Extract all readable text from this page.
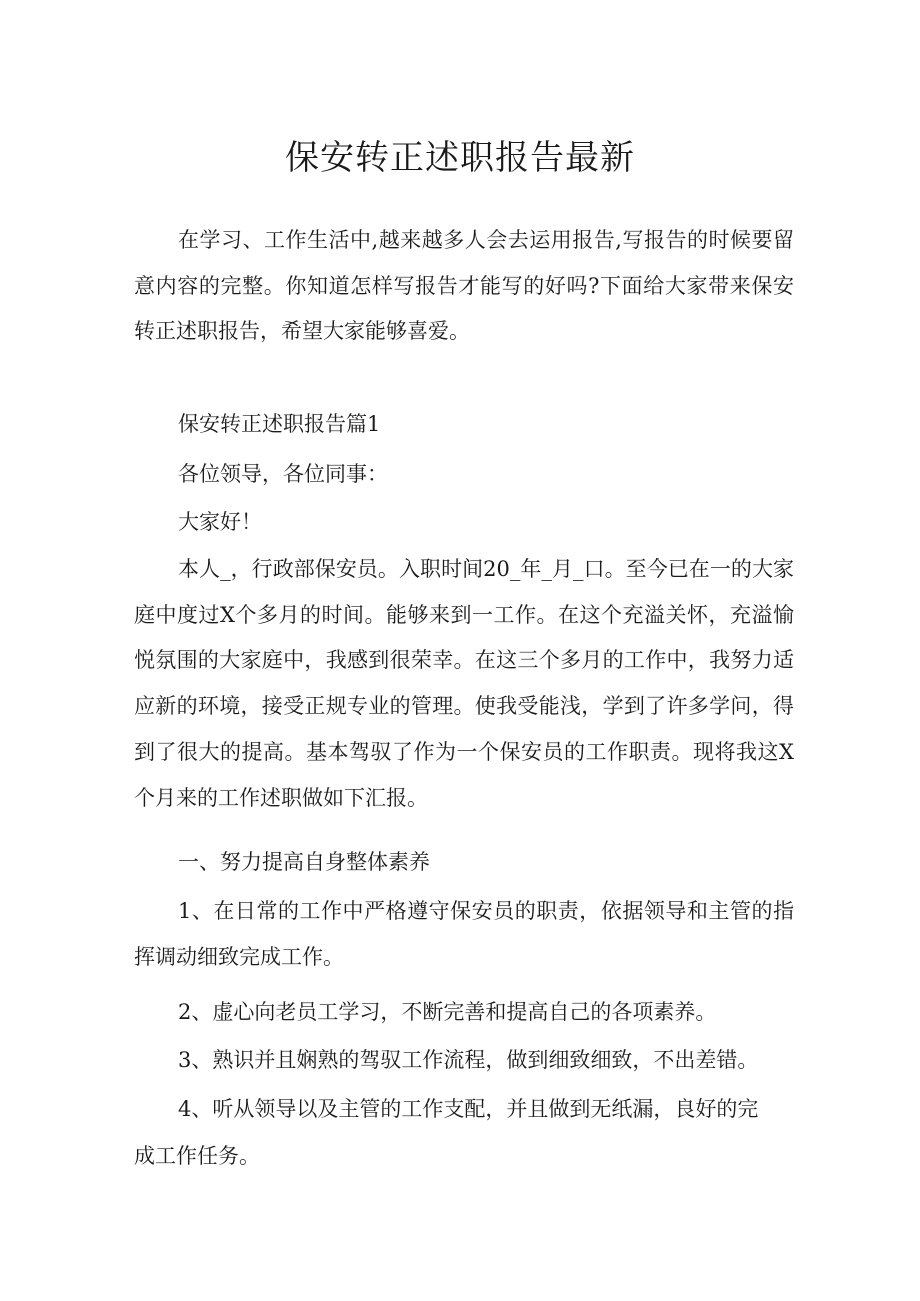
保安转正述职报告最新

在学习、工作生活中,越来越多人会去运用报告,写报告的时候要留意内容的完整。你知道怎样写报告才能写的好吗?下面给大家带来保安转正述职报告，希望大家能够喜爱。

保安转正述职报告篇1

各位领导，各位同事：

大家好！

本人_，行政部保安员。入职时间20_年_月_口。至今已在一的大家庭中度过X个多月的时间。能够来到一工作。在这个充溢关怀，充溢愉悦氛围的大家庭中，我感到很荣幸。在这三个多月的工作中，我努力适应新的环境，接受正规专业的管理。使我受能浅，学到了许多学问，得到了很大的提高。基本驾驭了作为一个保安员的工作职责。现将我这X个月来的工作述职做如下汇报。

一、努力提高自身整体素养

1、在日常的工作中严格遵守保安员的职责，依据领导和主管的指挥调动细致完成工作。

2、虚心向老员工学习，不断完善和提高自己的各项素养。

3、熟识并且娴熟的驾驭工作流程，做到细致细致，不出差错。

4、听从领导以及主管的工作支配，并且做到无纸漏，良好的完

成工作任务。
